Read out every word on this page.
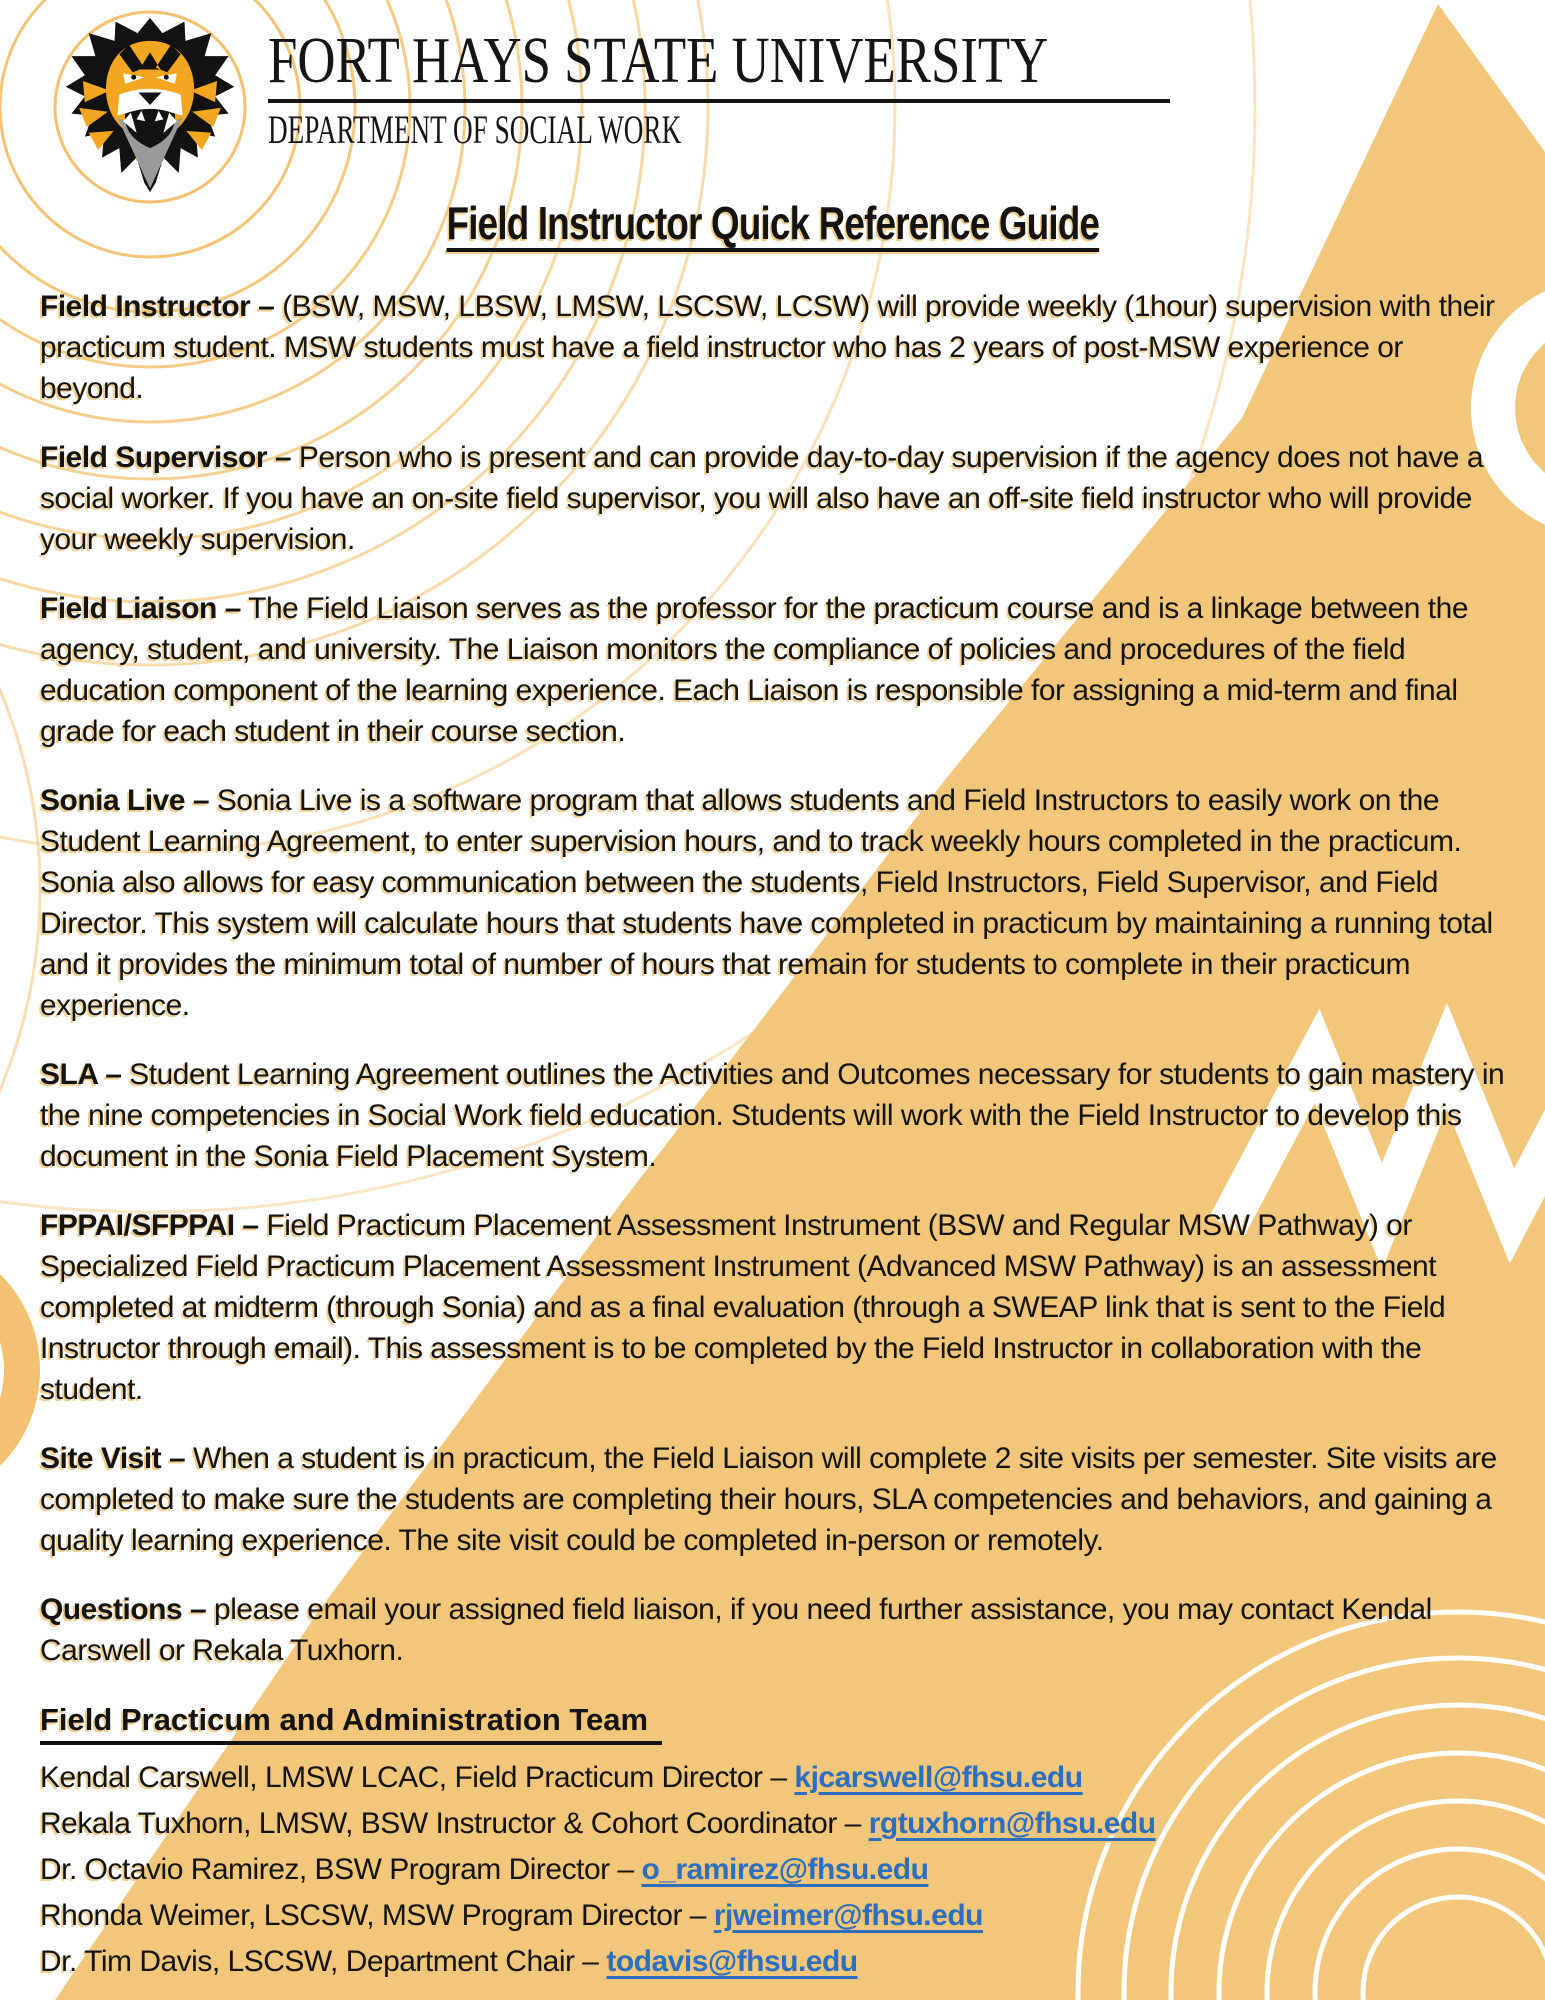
FORT HAYS STATE UNIVERSITY
DEPARTMENT OF SOCIAL WORK
Field Instructor Quick Reference Guide

Field Instructor – (BSW, MSW, LBSW, LMSW, LSCSW, LCSW) will provide weekly (1hour) supervision with their practicum student. MSW students must have a field instructor who has 2 years of post-MSW experience or beyond.

Field Supervisor – Person who is present and can provide day-to-day supervision if the agency does not have a social worker. If you have an on-site field supervisor, you will also have an off-site field instructor who will provide your weekly supervision.

Field Liaison – The Field Liaison serves as the professor for the practicum course and is a linkage between the agency, student, and university. The Liaison monitors the compliance of policies and procedures of the field education component of the learning experience. Each Liaison is responsible for assigning a mid-term and final grade for each student in their course section.

Sonia Live – Sonia Live is a software program that allows students and Field Instructors to easily work on the Student Learning Agreement, to enter supervision hours, and to track weekly hours completed in the practicum. Sonia also allows for easy communication between the students, Field Instructors, Field Supervisor, and Field Director. This system will calculate hours that students have completed in practicum by maintaining a running total and it provides the minimum total of number of hours that remain for students to complete in their practicum experience.

SLA – Student Learning Agreement outlines the Activities and Outcomes necessary for students to gain mastery in the nine competencies in Social Work field education. Students will work with the Field Instructor to develop this document in the Sonia Field Placement System.

FPPAI/SFPPAI – Field Practicum Placement Assessment Instrument (BSW and Regular MSW Pathway) or Specialized Field Practicum Placement Assessment Instrument (Advanced MSW Pathway) is an assessment completed at midterm (through Sonia) and as a final evaluation (through a SWEAP link that is sent to the Field Instructor through email). This assessment is to be completed by the Field Instructor in collaboration with the student.

Site Visit – When a student is in practicum, the Field Liaison will complete 2 site visits per semester. Site visits are completed to make sure the students are completing their hours, SLA competencies and behaviors, and gaining a quality learning experience. The site visit could be completed in-person or remotely.

Questions – please email your assigned field liaison, if you need further assistance, you may contact Kendal Carswell or Rekala Tuxhorn.

Field Practicum and Administration Team

Kendal Carswell, LMSW LCAC, Field Practicum Director – kjcarswell@fhsu.edu

Rekala Tuxhorn, LMSW, BSW Instructor & Cohort Coordinator – rgtuxhorn@fhsu.edu

Dr. Octavio Ramirez, BSW Program Director – o_ramirez@fhsu.edu

Rhonda Weimer, LSCSW, MSW Program Director – rjweimer@fhsu.edu

Dr. Tim Davis, LSCSW, Department Chair – todavis@fhsu.edu
